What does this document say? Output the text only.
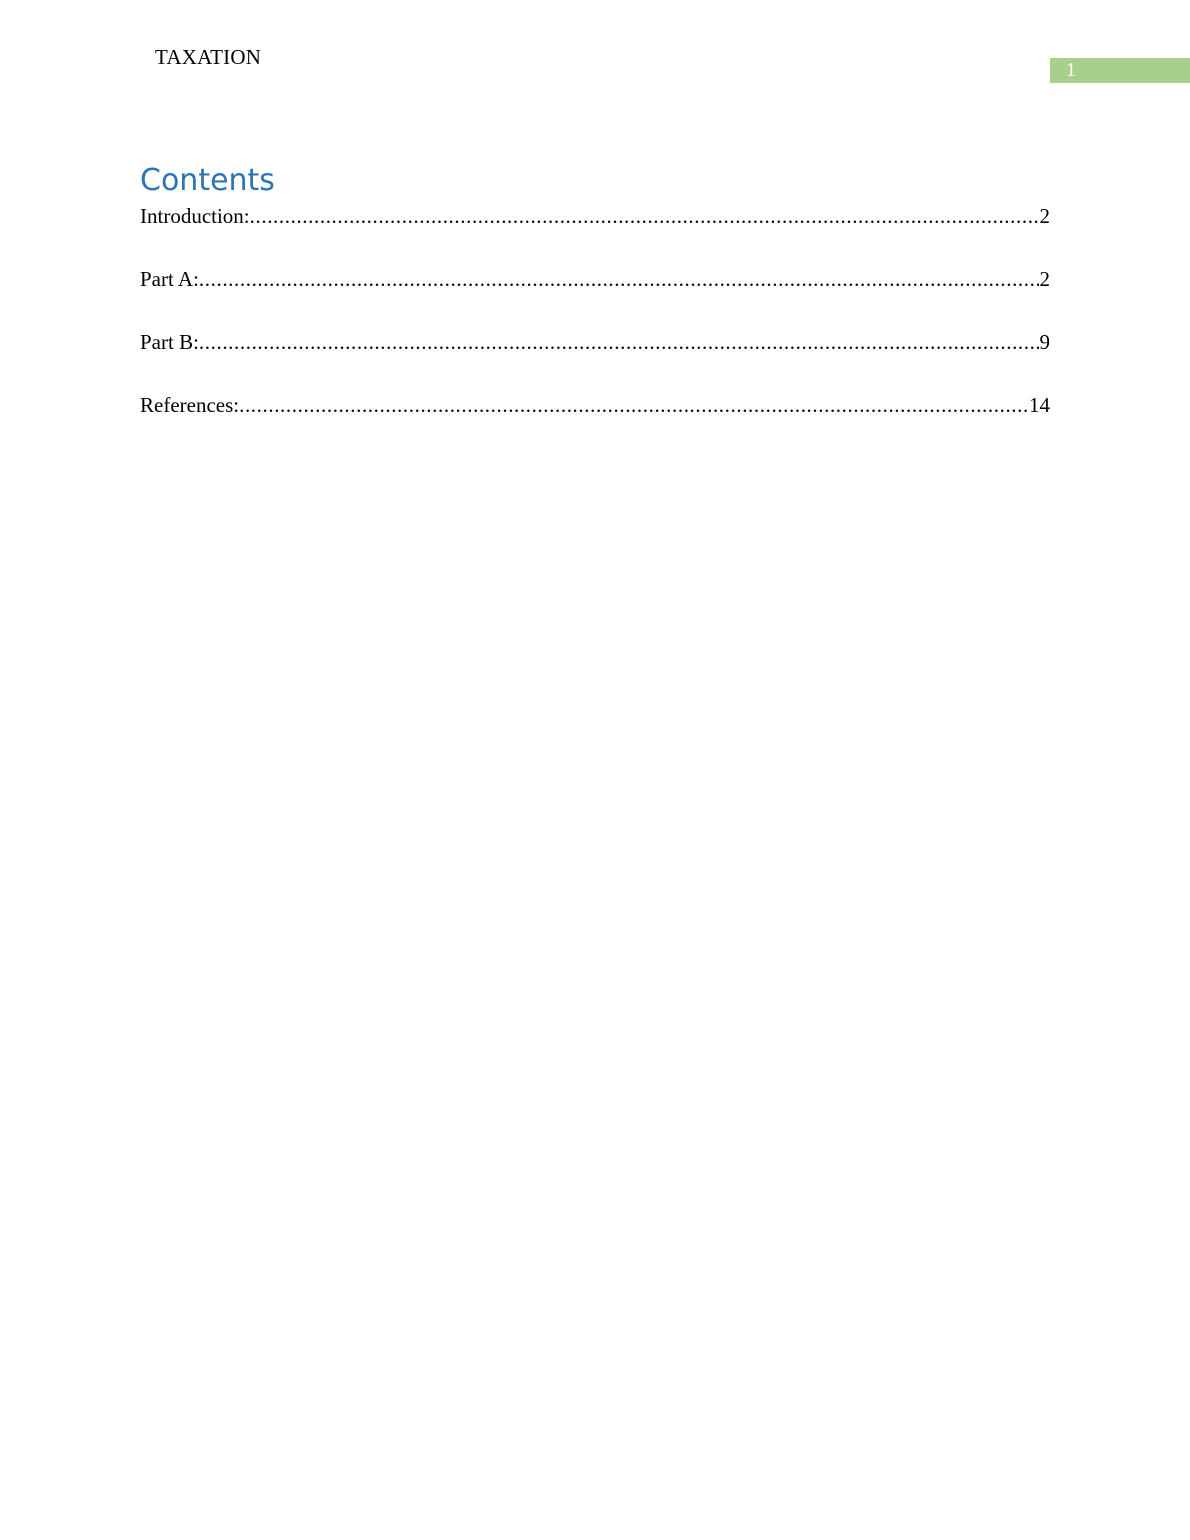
TAXATION
1
Contents
Introduction: .....	2
Part A: .....	2
Part B: .....	9
References: .....	14
